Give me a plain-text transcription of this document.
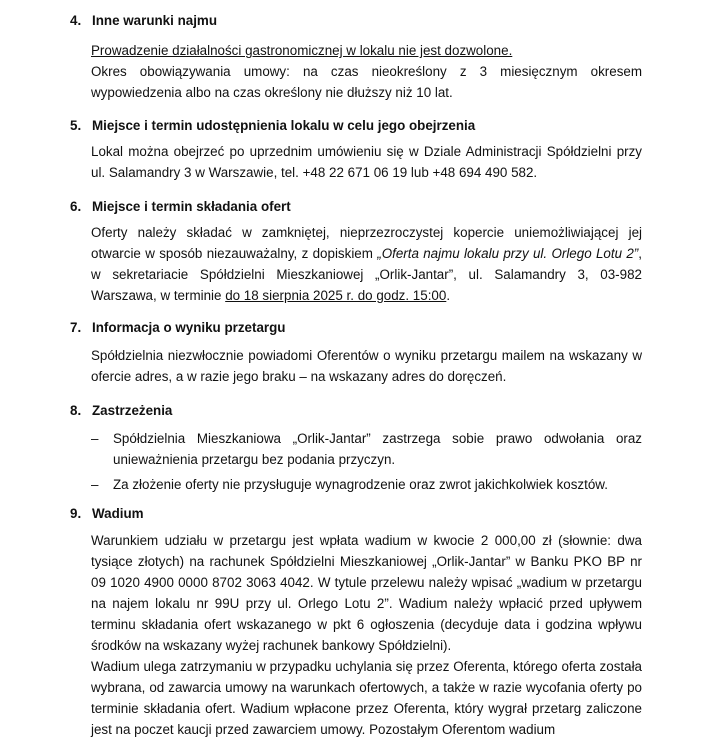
4. Inne warunki najmu

Prowadzenie działalności gastronomicznej w lokalu nie jest dozwolone.

Okres obowiązywania umowy: na czas nieokreślony z 3 miesięcznym okresem wypowiedzenia albo na czas określony nie dłuższy niż 10 lat.

5. Miejsce i termin udostępnienia lokalu w celu jego obejrzenia

Lokal można obejrzeć po uprzednim umówieniu się w Dziale Administracji Spółdzielni przy ul. Salamandry 3 w Warszawie, tel. +48 22 671 06 19 lub +48 694 490 582.

6. Miejsce i termin składania ofert

Oferty należy składać w zamkniętej, nieprzezroczystej kopercie uniemożliwiającej jej otwarcie w sposób niezauważalny, z dopiskiem „Oferta najmu lokalu przy ul. Orlego Lotu 2”, w sekretariacie Spółdzielni Mieszkaniowej „Orlik-Jantar”, ul. Salamandry 3, 03-982 Warszawa, w terminie do 18 sierpnia 2025 r. do godz. 15:00.

7. Informacja o wyniku przetargu

Spółdzielnia niezwłocznie powiadomi Oferentów o wyniku przetargu mailem na wskazany w ofercie adres, a w razie jego braku – na wskazany adres do doręczeń.

8. Zastrzeżenia
– Spółdzielnia Mieszkaniowa „Orlik-Jantar” zastrzega sobie prawo odwołania oraz unieważnienia przetargu bez podania przyczyn.
– Za złożenie oferty nie przysługuje wynagrodzenie oraz zwrot jakichkolwiek kosztów.
9. Wadium

Warunkiem udziału w przetargu jest wpłata wadium w kwocie 2 000,00 zł (słownie: dwa tysiące złotych) na rachunek Spółdzielni Mieszkaniowej „Orlik-Jantar” w Banku PKO BP nr 09 1020 4900 0000 8702 3063 4042. W tytule przelewu należy wpisać „wadium w przetargu na najem lokalu nr 99U przy ul. Orlego Lotu 2”. Wadium należy wpłacić przed upływem terminu składania ofert wskazanego w pkt 6 ogłoszenia (decyduje data i godzina wpływu środków na wskazany wyżej rachunek bankowy Spółdzielni).

Wadium ulega zatrzymaniu w przypadku uchylania się przez Oferenta, którego oferta została wybrana, od zawarcia umowy na warunkach ofertowych, a także w razie wycofania oferty po terminie składania ofert. Wadium wpłacone przez Oferenta, który wygrał przetarg zaliczone jest na poczet kaucji przed zawarciem umowy. Pozostałym Oferentom wadium
